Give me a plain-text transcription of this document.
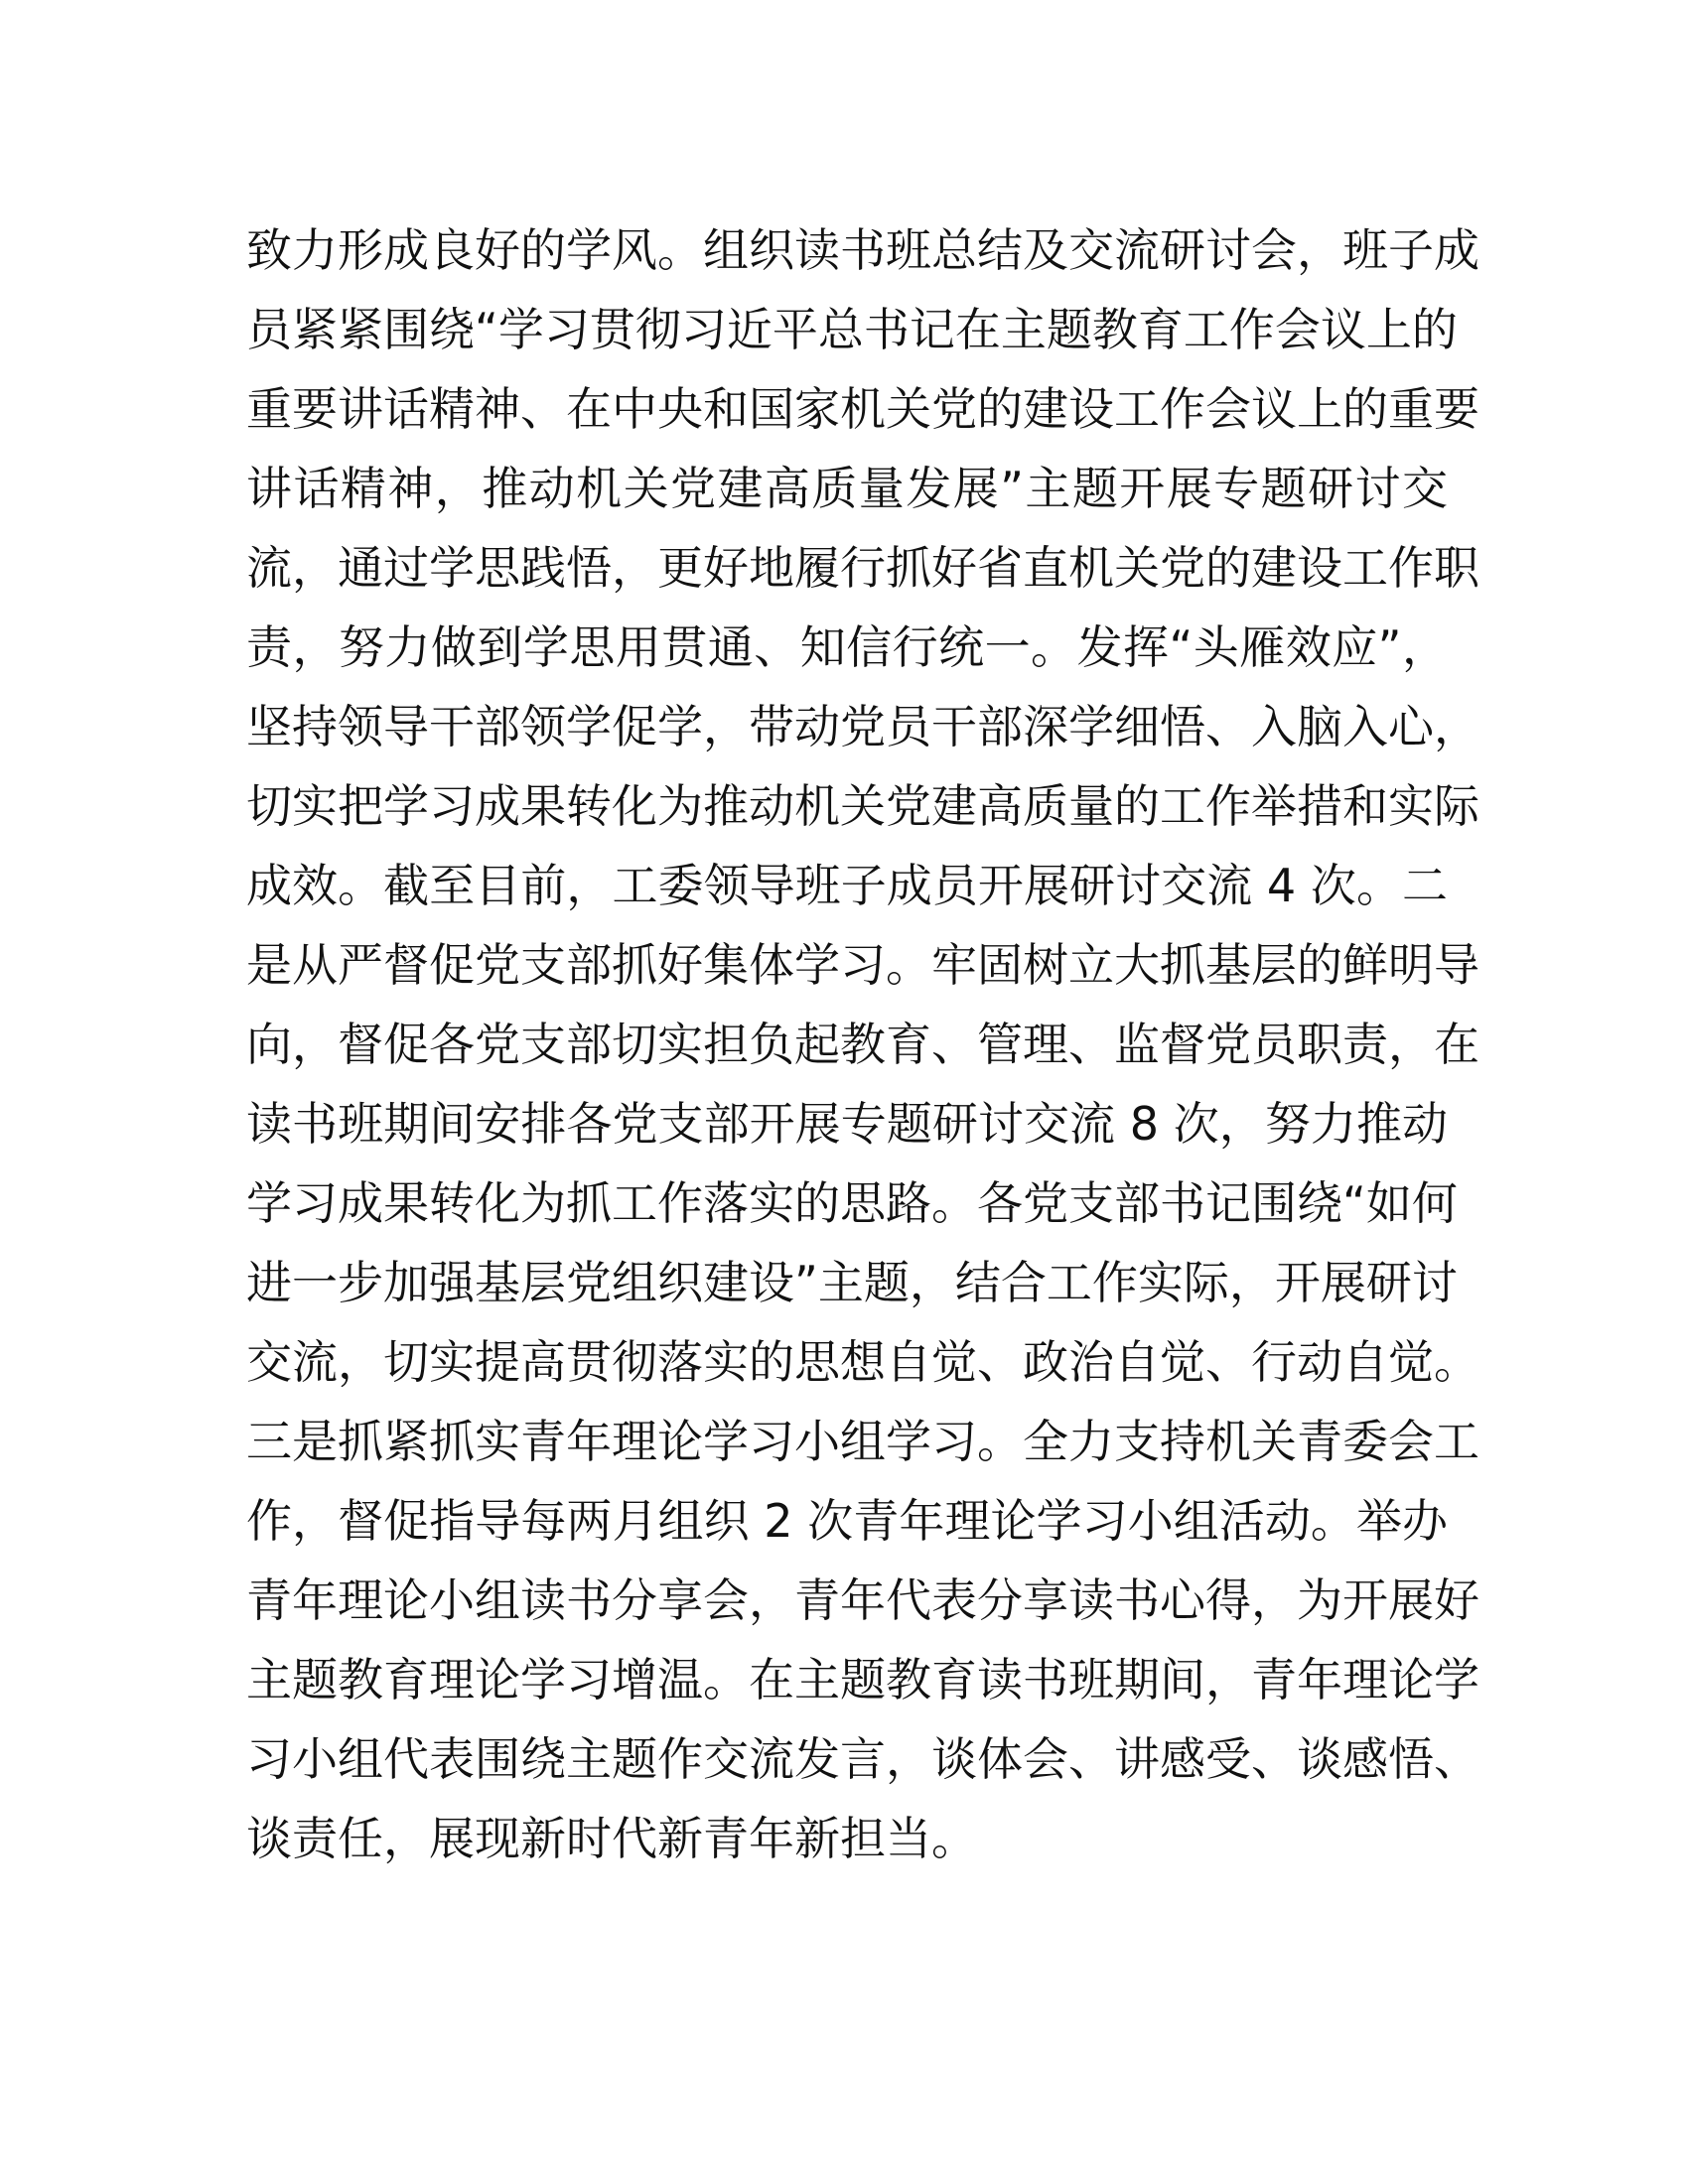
致力形成良好的学风。组织读书班总结及交流研讨会，班子成
员紧紧围绕“学习贯彻习近平总书记在主题教育工作会议上的
重要讲话精神、在中央和国家机关党的建设工作会议上的重要
讲话精神，推动机关党建高质量发展”主题开展专题研讨交
流，通过学思践悟，更好地履行抓好省直机关党的建设工作职
责，努力做到学思用贯通、知信行统一。发挥“头雁效应”，
坚持领导干部领学促学，带动党员干部深学细悟、入脑入心，
切实把学习成果转化为推动机关党建高质量的工作举措和实际
成效。截至目前，工委领导班子成员开展研讨交流 4 次。二
是从严督促党支部抓好集体学习。牢固树立大抓基层的鲜明导
向，督促各党支部切实担负起教育、管理、监督党员职责，在
读书班期间安排各党支部开展专题研讨交流 8 次，努力推动
学习成果转化为抓工作落实的思路。各党支部书记围绕“如何
进一步加强基层党组织建设”主题，结合工作实际，开展研讨
交流，切实提高贯彻落实的思想自觉、政治自觉、行动自觉。
三是抓紧抓实青年理论学习小组学习。全力支持机关青委会工
作，督促指导每两月组织 2 次青年理论学习小组活动。举办
青年理论小组读书分享会，青年代表分享读书心得，为开展好
主题教育理论学习增温。在主题教育读书班期间，青年理论学
习小组代表围绕主题作交流发言，谈体会、讲感受、谈感悟、
谈责任，展现新时代新青年新担当。
